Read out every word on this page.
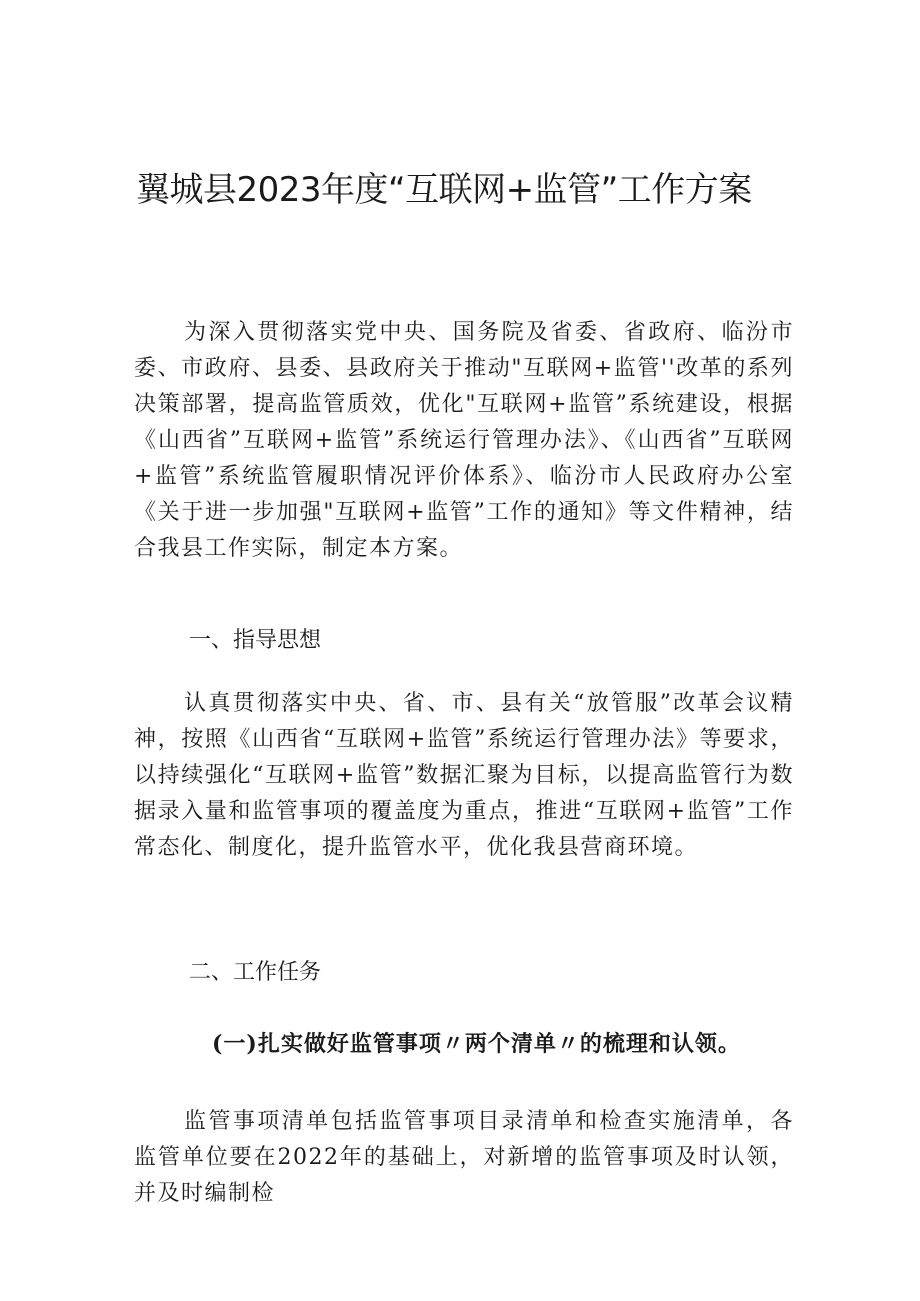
翼城县2023年度“互联网+监管”工作方案

为深入贯彻落实党中央、国务院及省委、省政府、临汾市委、市政府、县委、县政府关于推动"互联网+监管''改革的系列决策部署，提高监管质效，优化"互联网+监管”系统建设，根据《山西省”互联网+监管”系统运行管理办法》、《山西省”互联网+监管”系统监管履职情况评价体系》、临汾市人民政府办公室《关于进一步加强"互联网+监管”工作的通知》等文件精神，结合我县工作实际，制定本方案。

一、指导思想

认真贯彻落实中央、省、市、县有关“放管服”改革会议精神，按照《山西省“互联网+监管”系统运行管理办法》等要求，以持续强化“互联网+监管”数据汇聚为目标，以提高监管行为数据录入量和监管事项的覆盖度为重点，推进“互联网+监管”工作常态化、制度化，提升监管水平，优化我县营商环境。

二、工作任务
(一)扎实做好监管事项〃两个清单〃的梳理和认领。

监管事项清单包括监管事项目录清单和检查实施清单，各监管单位要在2022年的基础上，对新增的监管事项及时认领，并及时编制检
